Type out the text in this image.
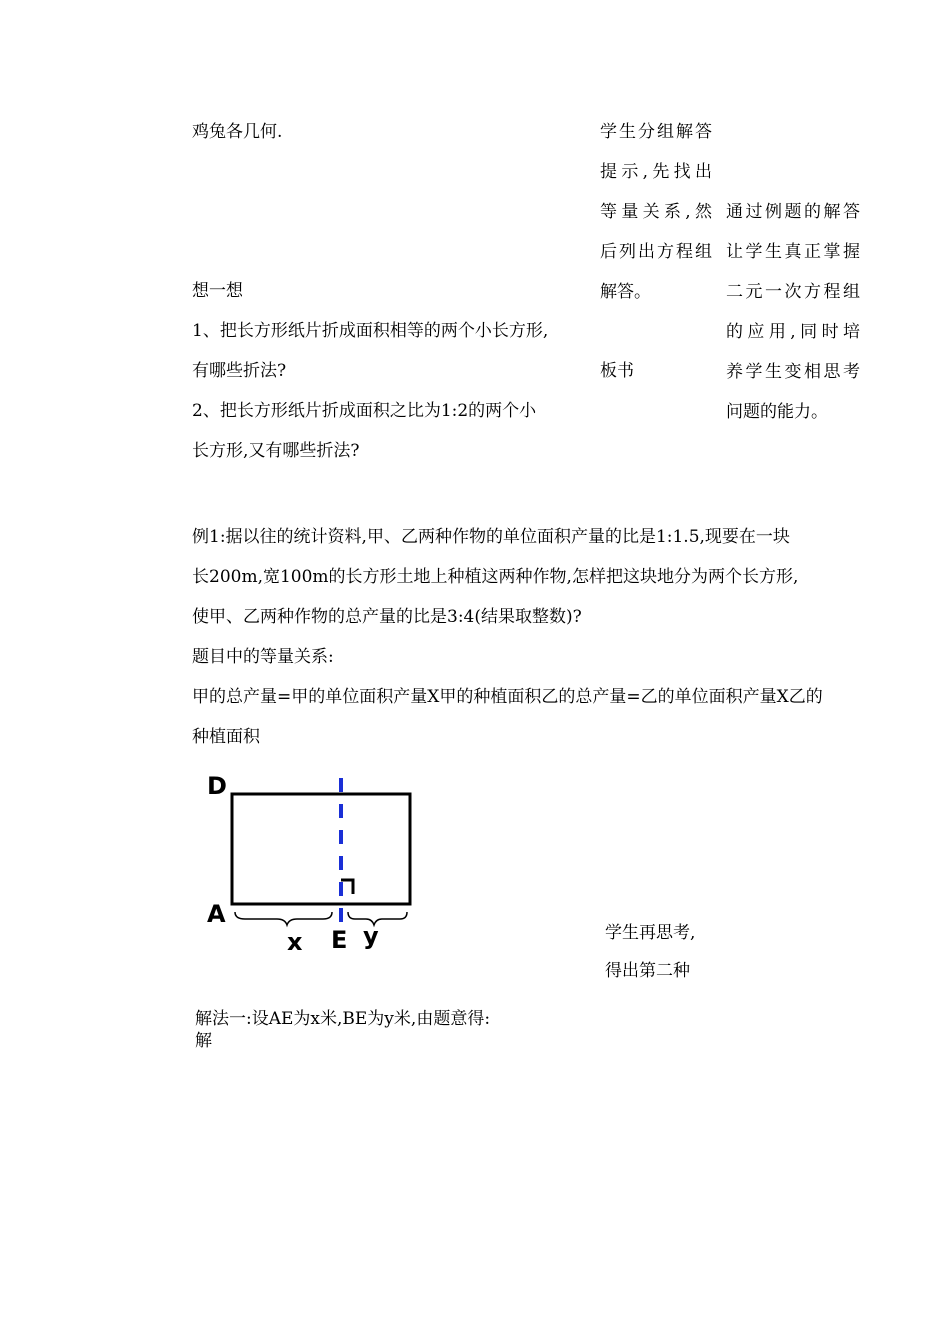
鸡兔各几何.
想一想
1、把长方形纸片折成面积相等的两个小长方形,
有哪些折法?
2、把长方形纸片折成面积之比为1:2的两个小
长方形,又有哪些折法?
学生分组解答
提示,先找出
等量关系,然
后列出方程组
解答。
板书
通过例题的解答
让学生真正掌握
二元一次方程组
的应用,同时培
养学生变相思考
问题的能力。
例1:据以往的统计资料,甲、乙两种作物的单位面积产量的比是1:1.5,现要在一块
长200m,宽100m的长方形土地上种植这两种作物,怎样把这块地分为两个长方形,
使甲、乙两种作物的总产量的比是3:4(结果取整数)?
题目中的等量关系:
甲的总产量=甲的单位面积产量X甲的种植面积乙的总产量=乙的单位面积产量X乙的
种植面积
D
A
E
x	y	学生再思考,
得出第二种
解法一:设AE为x米,BE为y米,由题意得:
解
